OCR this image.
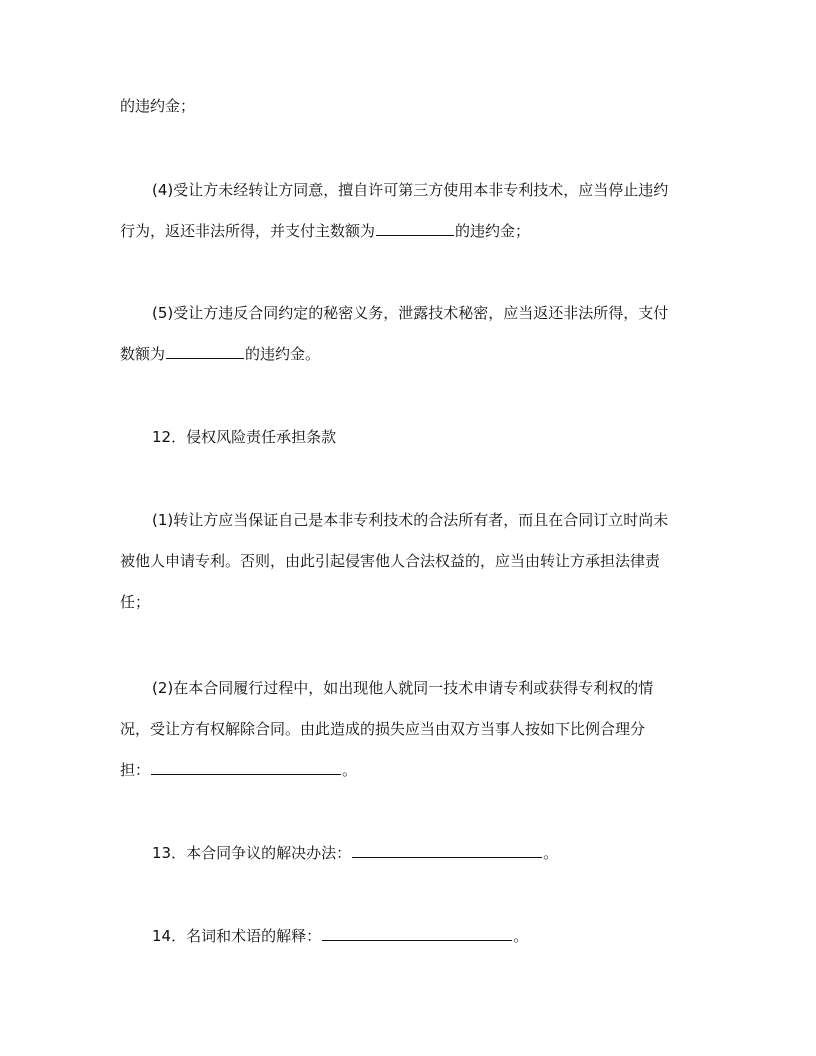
的违约金；
(4)受让方未经转让方同意，擅自许可第三方使用本非专利技术，应当停止违约
行为，返还非法所得，并支付主数额为	的违约金；
(5)受让方违反合同约定的秘密义务，泄露技术秘密，应当返还非法所得，支付
数额为	的违约金。
12．侵权风险责任承担条款
(1)转让方应当保证自己是本非专利技术的合法所有者，而且在合同订立时尚未
被他人申请专利。否则，由此引起侵害他人合法权益的，应当由转让方承担法律责
任；
(2)在本合同履行过程中，如出现他人就同一技术申请专利或获得专利权的情
况，受让方有权解除合同。由此造成的损失应当由双方当事人按如下比例合理分
担：	。
13．本合同争议的解决办法：	。
14．名词和术语的解释：	。
